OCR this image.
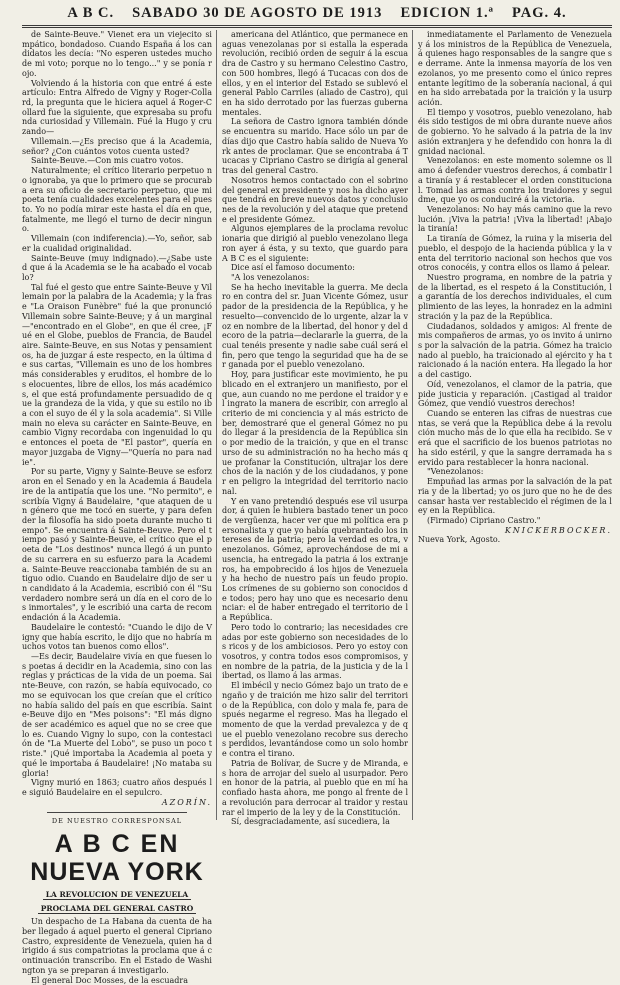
A B C. SABADO 30 DE AGOSTO DE 1913 EDICION 1.ª PAG. 4.

de Sainte-Beuve." Vienet era un viejecito simpático, bondadoso. Cuando España á los candidatos les decía: "No esperen ustedes mucho de mi voto; porque no lo tengo..." y se ponía rojo.

Volviendo á la historia con que entré á este artículo: Entra Alfredo de Vigny y Roger-Collard, la pregunta que le hiciera aquel á Roger-Collard fue la siguiente, que expresaba su profunda curiosidad y Villemain. Fué la Hugo y cruzando—

Villemain.—¿Es preciso que á la Academia, señor? ¿Con cuántos votos cuenta usted?

Sainte-Beuve.—Con mis cuatro votos.

Naturalmente; el crítico literario perpetuo no ignoraba, ya que lo primero que se procuraba era su oficio de secretario perpetuo, que mi poeta tenía cualidades excelentes para el puesto. Yo no podía mirar este hasta el día en que, fatalmente, me llegó el turno de decir ninguno.

Villemain (con indiferencia).—Yo, señor, saber la cualidad originalidad.

Sainte-Beuve (muy indignado).—¿Sabe usted que á la Academia se le ha acabado el vocablo?

Tal fué el gesto que entre Sainte-Beuve y Villemain por la palabra de la Academia; y la frase "La Oraison Funèbre" fué la que pronunció Villemain sobre Sainte-Beuve; y á un marginal—"encontrado en el Globe", en que él cree, ¡Fué en el Globe, pueblos de Francia, de Baudelaire. Sainte-Beuve, en sus Notas y pensamientos, ha de juzgar á este respecto, en la última de sus cartas, "Villemain es uno de los hombres más considerables y eruditos, el hombre de los elocuentes, libre de ellos, los más académicos, el que está profundamente persuadido de que la grandeza de la vida, y que su estilo no iba con el suyo de él y la sola academia". Si Villemain no eleva su carácter en Sainte-Beuve, en cambio Vigny recordaba con ingenuidad lo que entonces el poeta de "El pastor", quería en mayor juzgaba de Vigny—"Quería no para nadie".

Por su parte, Vigny y Sainte-Beuve se esforzaron en el Senado y en la Academia á Baudelaire de la antipatía que los une. "No permito", escribía Vigny á Baudelaire, "que ataquen de un género que me tocó en suerte, y para defender la filosofía ha sido poeta durante mucho tiempo". Se encuentra á Sainte-Beuve. Pero el tiempo pasó y Sainte-Beuve, el crítico que el poeta de "Los destinos" nunca llegó á un punto de su carrera en su esfuerzo para la Academia. Sainte-Beuve reaccionaba también de su antiguo odio. Cuando en Baudelaire dijo de ser un candidato á la Academia, escribió con él "Su verdadero nombre será un día en el coro de los inmortales", y le escribió una carta de recomendación á la Academia.

Baudelaire le contestó: "Cuando le dijo de Vigny que había escrito, le dijo que no habría muchos votos tan buenos como ellos".

—Es decir, Baudelaire vivía en que fuesen los poetas á decidir en la Academia, sino con las reglas y prácticas de la vida de un poema. Sainte-Beuve, con razón, se había equivocado, como se equivocan los que creían que el crítico no había salido del país en que escribía. Sainte-Beuve dijo en "Mes poisons": "El más digno de ser académico es aquel que no se cree que lo es. Cuando Vigny lo supo, con la contestación de "La Muerte del Lobo", se puso un poco triste." ¡Qué importaba la Academia al poeta y qué le importaba á Baudelaire! ¡No mataba su gloria!

Vigny murió en 1863; cuatro años después le siguió Baudelaire en el sepulcro.

AZORÍN.
DE NUESTRO CORRESPONSAL
A B C EN
NUEVA YORK
LA REVOLUCION DE VENEZUELA
PROCLAMA DEL GENERAL CASTRO

Un despacho de La Habana da cuenta de haber llegado á aquel puerto el general Cipriano Castro, expresidente de Venezuela, quien ha dirigido á sus compatriotas la proclama que á continuación transcribo. En el Estado de Washington ya se preparan á investigarlo.

El general Doc Mosses, de la escuadra

americana del Atlántico, que permanece en aguas venezolanas por si estalla la esperada revolución, recibió orden de seguir á la escuadra de Castro y su hermano Celestino Castro, con 500 hombres, llegó á Tucacas con dos de ellos, y en el interior del Estado se sublevó el general Pablo Carriles (aliado de Castro), quien ha sido derrotado por las fuerzas gubernamentales.

La señora de Castro ignora también dónde se encuentra su marido. Hace sólo un par de días dijo que Castro había salido de Nueva York antes de proclamar. Que se encontraba á Tucacas y Cipriano Castro se dirigía al general tras del general Castro.

Nosotros hemos contactado con el sobrino del general ex presidente y nos ha dicho ayer que tendrá en breve nuevos datos y conclusiones de la revolución y del ataque que pretende el presidente Gómez.

Algunos ejemplares de la proclama revolucionaria que dirigió al pueblo venezolano llegaron ayer á ésta, y su texto, que guardo para A B C es el siguiente:

Dice así el famoso documento:

"A los venezolanos:

Se ha hecho inevitable la guerra. Me declaro en contra del sr. Juan Vicente Gómez, usurpador de la presidencia de la República, y he resuelto—convencido de lo urgente, alzar la voz en nombre de la libertad, del honor y del decoro de la patria—declararle la guerra, de la cual tenéis presente y nadie sabe cuál será el fin, pero que tengo la seguridad que ha de ser ganada por el pueblo venezolano.

Hoy, para justificar este movimiento, he publicado en el extranjero un manifiesto, por el que, aun cuando no me perdone el traidor y el ingrato la manera de escribir, con arreglo al criterio de mi conciencia y al más estricto deber, demostraré que el general Gómez no pudo llegar á la presidencia de la República sino por medio de la traición, y que en el transcurso de su administración no ha hecho más que profanar la Constitución, ultrajar los derechos de la nación y de los ciudadanos, y poner en peligro la integridad del territorio nacional.

Y en vano pretendió después ese vil usurpador, á quien le hubiera bastado tener un poco de vergüenza, hacer ver que mi política era personalista y que yo había quebrantado los intereses de la patria; pero la verdad es otra, venezolanos. Gómez, aprovechándose de mi ausencia, ha entregado la patria á los extranjeros, ha empobrecido á los hijos de Venezuela y ha hecho de nuestro país un feudo propio. Los crímenes de su gobierno son conocidos de todos; pero hay uno que es necesario denunciar: el de haber entregado el territorio de la República.

Pero todo lo contrario; las necesidades creadas por este gobierno son necesidades de los ricos y de los ambiciosos. Pero yo estoy con vosotros, y contra todos esos compromisos, y en nombre de la patria, de la justicia y de la libertad, os llamo á las armas.

El imbécil y necio Gómez bajo un trato de engaño y de traición me hizo salir del territorio de la República, con dolo y mala fe, para después negarme el regreso. Mas ha llegado el momento de que la verdad prevalezca y de que el pueblo venezolano recobre sus derechos perdidos, levantándose como un solo hombre contra el tirano.

Patria de Bolívar, de Sucre y de Miranda, es hora de arrojar del suelo al usurpador. Pero en honor de la patria, al pueblo que en mí ha confiado hasta ahora, me pongo al frente de la revolución para derrocar al traidor y restaurar el imperio de la ley y de la Constitución.

Sí, desgraciadamente, así sucediera, la

inmediatamente el Parlamento de Venezuela y á los ministros de la República de Venezuela, á quienes hago responsables de la sangre que se derrame. Ante la inmensa mayoría de los venezolanos, yo me presento como el único representante legítimo de la soberanía nacional, á quien ha sido arrebatada por la traición y la usurpación.

El tiempo y vosotros, pueblo venezolano, habéis sido testigos de mi obra durante nueve años de gobierno. Yo he salvado á la patria de la invasión extranjera y he defendido con honra la dignidad nacional.

Venezolanos: en este momento solemne os llamo á defender vuestros derechos, á combatir la tiranía y á restablecer el orden constitucional. Tomad las armas contra los traidores y seguidme, que yo os conduciré á la victoria.

Venezolanos: No hay más camino que la revolución. ¡Viva la patria! ¡Viva la libertad! ¡Abajo la tiranía!

La tiranía de Gómez, la ruina y la miseria del pueblo, el despojo de la hacienda pública y la venta del territorio nacional son hechos que vosotros conocéis, y contra ellos os llamo á pelear.

Nuestro programa, en nombre de la patria y de la libertad, es el respeto á la Constitución, la garantía de los derechos individuales, el cumplimiento de las leyes, la honradez en la administración y la paz de la República.

Ciudadanos, soldados y amigos: Al frente de mis compañeros de armas, yo os invito á unirnos por la salvación de la patria. Gómez ha traicionado al pueblo, ha traicionado al ejército y ha traicionado á la nación entera. Ha llegado la hora del castigo.

Oíd, venezolanos, el clamor de la patria, que pide justicia y reparación. ¡Castigad al traidor Gómez, que vendió vuestros derechos!

Cuando se enteren las cifras de nuestras cuentas, se verá que la República debe á la revolución mucho más de lo que ella ha recibido. Se verá que el sacrificio de los buenos patriotas no ha sido estéril, y que la sangre derramada ha servido para restablecer la honra nacional.

"Venezolanos:

Empuñad las armas por la salvación de la patria y de la libertad; yo os juro que no he de descansar hasta ver restablecido el régimen de la ley en la República.

(Firmado) Cipriano Castro."

KNICKERBOCKER.

Nueva York, Agosto.
